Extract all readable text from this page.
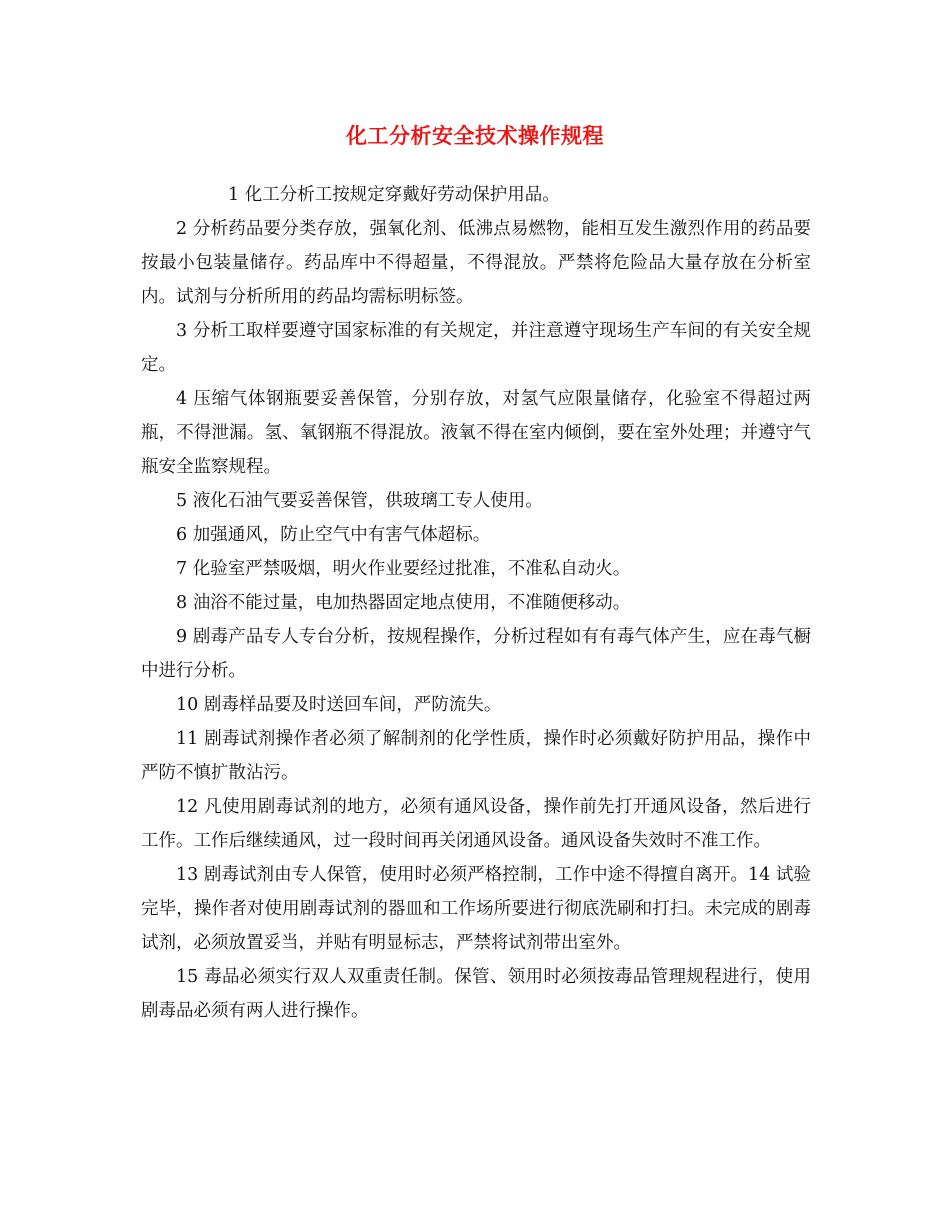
化工分析安全技术操作规程

1 化工分析工按规定穿戴好劳动保护用品。

2 分析药品要分类存放，强氧化剂、低沸点易燃物，能相互发生激烈作用的药品要按最小包装量储存。药品库中不得超量，不得混放。严禁将危险品大量存放在分析室内。试剂与分析所用的药品均需标明标签。

3 分析工取样要遵守国家标准的有关规定，并注意遵守现场生产车间的有关安全规定。

4 压缩气体钢瓶要妥善保管，分别存放，对氢气应限量储存，化验室不得超过两瓶，不得泄漏。氢、氧钢瓶不得混放。液氧不得在室内倾倒，要在室外处理；并遵守气瓶安全监察规程。

5 液化石油气要妥善保管，供玻璃工专人使用。

6 加强通风，防止空气中有害气体超标。

7 化验室严禁吸烟，明火作业要经过批准，不准私自动火。

8 油浴不能过量，电加热器固定地点使用，不准随便移动。

9 剧毒产品专人专台分析，按规程操作，分析过程如有有毒气体产生，应在毒气橱中进行分析。

10 剧毒样品要及时送回车间，严防流失。

11 剧毒试剂操作者必须了解制剂的化学性质，操作时必须戴好防护用品，操作中严防不慎扩散沾污。

12 凡使用剧毒试剂的地方，必须有通风设备，操作前先打开通风设备，然后进行工作。工作后继续通风，过一段时间再关闭通风设备。通风设备失效时不准工作。

13 剧毒试剂由专人保管，使用时必须严格控制，工作中途不得擅自离开。14 试验完毕，操作者对使用剧毒试剂的器皿和工作场所要进行彻底洗刷和打扫。未完成的剧毒试剂，必须放置妥当，并贴有明显标志，严禁将试剂带出室外。

15 毒品必须实行双人双重责任制。保管、领用时必须按毒品管理规程进行，使用剧毒品必须有两人进行操作。
